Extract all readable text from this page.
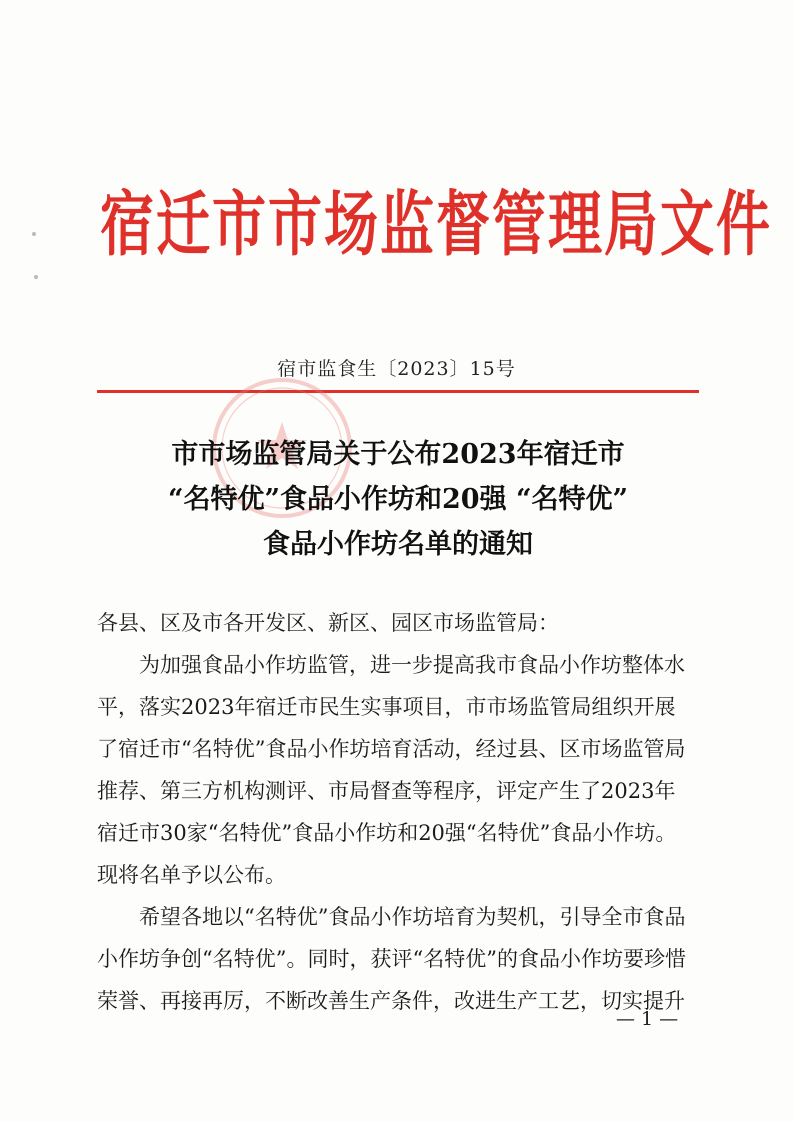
宿迁市市场监督管理局文件
宿市监食生〔2023〕15号
市市场监管局关于公布2023年宿迁市
“名特优”食品小作坊和20强 “名特优”
食品小作坊名单的通知

各县、区及市各开发区、新区、园区市场监管局：

为加强食品小作坊监管，进一步提高我市食品小作坊整体水
平，落实2023年宿迁市民生实事项目，市市场监管局组织开展
了宿迁市“名特优”食品小作坊培育活动，经过县、区市场监管局
推荐、第三方机构测评、市局督查等程序，评定产生了2023年
宿迁市30家“名特优”食品小作坊和20强“名特优”食品小作坊。
现将名单予以公布。

希望各地以“名特优”食品小作坊培育为契机，引导全市食品
小作坊争创“名特优”。同时，获评“名特优”的食品小作坊要珍惜
荣誉、再接再厉，不断改善生产条件，改进生产工艺，切实提升

— 1 —
